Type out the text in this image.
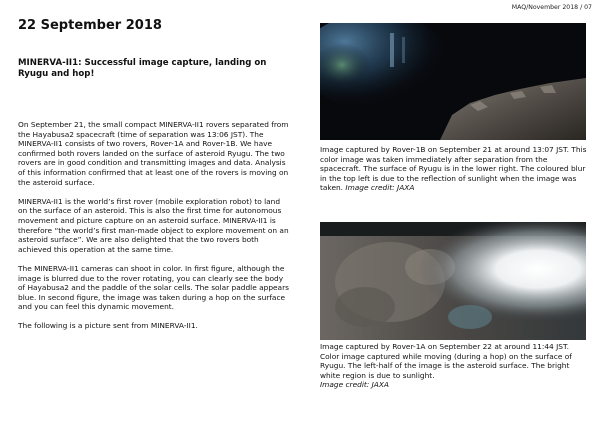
MAQ/November 2018 / 07
22 September 2018
MINERVA-II1: Successful image capture, landing on Ryugu and hop!

On September 21, the small compact MINERVA-II1 rovers separated from the Hayabusa2 spacecraft (time of separation was 13:06 JST). The MINERVA-II1 consists of two rovers, Rover-1A and Rover-1B. We have confirmed both rovers landed on the surface of asteroid Ryugu. The two rovers are in good condition and transmitting images and data. Analysis of this information confirmed that at least one of the rovers is moving on the asteroid surface.

MINERVA-II1 is the world’s first rover (mobile exploration robot) to land on the surface of an asteroid. This is also the first time for autonomous movement and picture capture on an asteroid surface. MINERVA-II1 is therefore “the world’s first man-made object to explore movement on an asteroid surface”. We are also delighted that the two rovers both achieved this operation at the same time.

The MINERVA-II1 cameras can shoot in color. In first figure, although the image is blurred due to the rover rotating, you can clearly see the body of Hayabusa2 and the paddle of the solar cells. The solar paddle appears blue. In second figure, the image was taken during a hop on the surface and you can feel this dynamic movement.

The following is a picture sent from MINERVA-II1.

Image captured by Rover-1B on September 21 at around 13:07 JST. This color image was taken immediately after separation from the spacecraft. The surface of Ryugu is in the lower right. The coloured blur in the top left is due to the reflection of sunlight when the image was taken. Image credit: JAXA
Image captured by Rover-1A on September 22 at around 11:44 JST. Color image captured while moving (during a hop) on the surface of Ryugu. The left-half of the image is the asteroid surface. The bright white region is due to sunlight.
Image credit: JAXA
